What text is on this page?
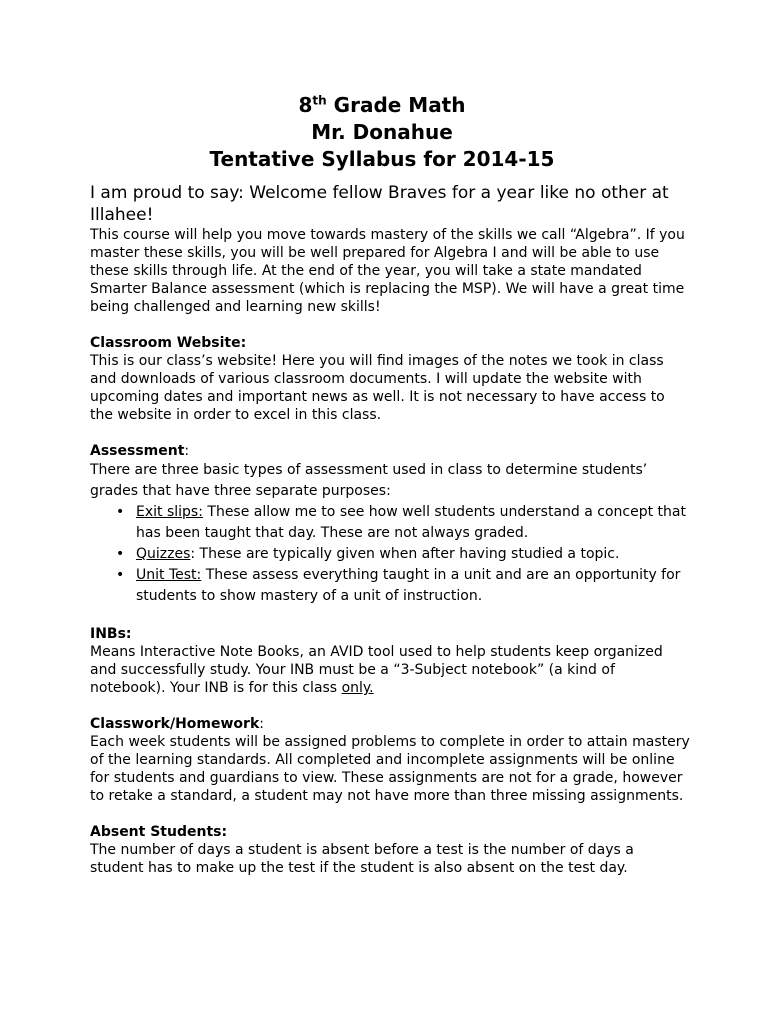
8th Grade Math
Mr. Donahue
Tentative Syllabus for 2014-15

I am proud to say: Welcome fellow Braves for a year like no other at Illahee!

This course will help you move towards mastery of the skills we call “Algebra”. If you master these skills, you will be well prepared for Algebra I and will be able to use these skills through life. At the end of the year, you will take a state mandated Smarter Balance assessment (which is replacing the MSP). We will have a great time being challenged and learning new skills!

Classroom Website:

This is our class’s website! Here you will find images of the notes we took in class and downloads of various classroom documents. I will update the website with upcoming dates and important news as well. It is not necessary to have access to the website in order to excel in this class.

Assessment:

There are three basic types of assessment used in class to determine students’ grades that have three separate purposes:

• Exit slips: These allow me to see how well students understand a concept that has been taught that day. These are not always graded.
• Quizzes: These are typically given when after having studied a topic.
• Unit Test: These assess everything taught in a unit and are an opportunity for students to show mastery of a unit of instruction.

INBs:

Means Interactive Note Books, an AVID tool used to help students keep organized and successfully study. Your INB must be a “3-Subject notebook” (a kind of notebook). Your INB is for this class only.

Classwork/Homework:

Each week students will be assigned problems to complete in order to attain mastery of the learning standards. All completed and incomplete assignments will be online for students and guardians to view. These assignments are not for a grade, however to retake a standard, a student may not have more than three missing assignments.

Absent Students:

The number of days a student is absent before a test is the number of days a student has to make up the test if the student is also absent on the test day.
